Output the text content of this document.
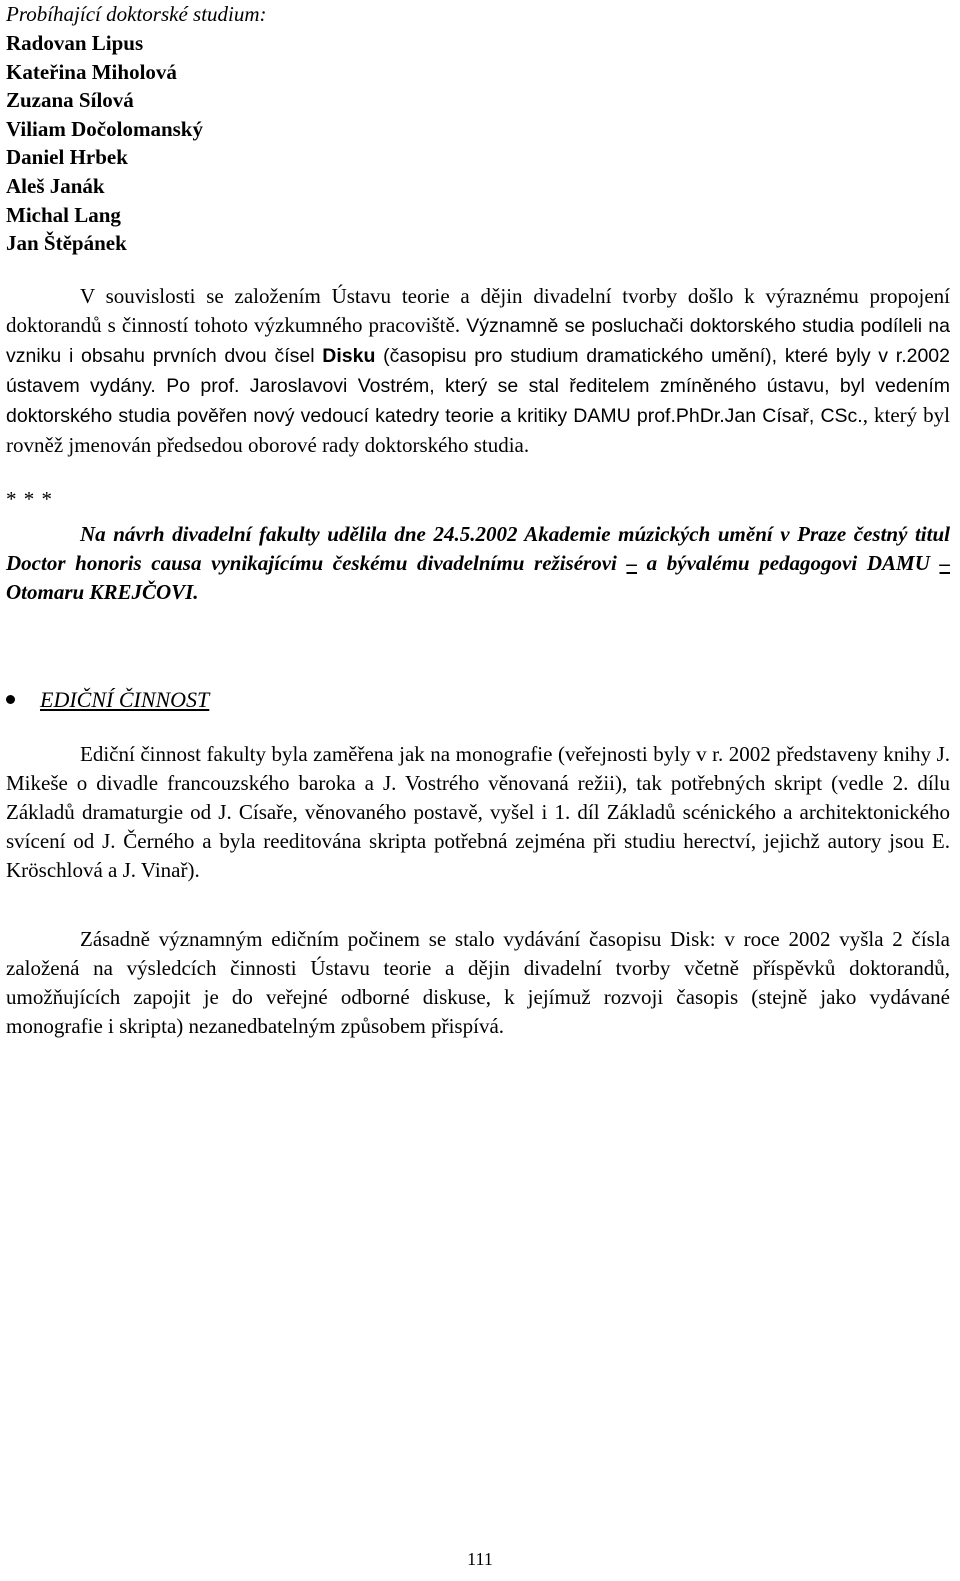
Probíhající doktorské studium:
Radovan Lipus
Kateřina Miholová
Zuzana Sílová
Viliam Dočolomanský
Daniel Hrbek
Aleš Janák
Michal Lang
Jan Štěpánek

V souvislosti se založením Ústavu teorie a dějin divadelní tvorby došlo k výraznému propojení doktorandů s činností tohoto výzkumného pracoviště. Významně se posluchači doktorského studia podíleli na vzniku i obsahu prvních dvou čísel Disku (časopisu pro studium dramatického umění), které byly v r.2002 ústavem vydány. Po prof. Jaroslavovi Vostrém, který se stal ředitelem zmíněného ústavu, byl vedením doktorského studia pověřen nový vedoucí katedry teorie a kritiky DAMU prof.PhDr.Jan Císař, CSc., který byl rovněž jmenován předsedou oborové rady doktorského studia.

* * *

Na návrh divadelní fakulty udělila dne 24.5.2002 Akademie múzických umění v Praze čestný titul Doctor honoris causa vynikajícímu českému divadelnímu režisérovi – a bývalému pedagogovi DAMU – Otomaru KREJČOVI.

EDIČNÍ ČINNOST

Ediční činnost fakulty byla zaměřena jak na monografie (veřejnosti byly v r. 2002 představeny knihy J. Mikeše o divadle francouzského baroka a J. Vostrého věnovaná režii), tak potřebných skript (vedle 2. dílu Základů dramaturgie od J. Císaře, věnovaného postavě, vyšel i 1. díl Základů scénického a architektonického svícení od J. Černého a byla reeditována skripta potřebná zejména při studiu herectví, jejichž autory jsou E. Kröschlová a J. Vinař).

Zásadně významným edičním počinem se stalo vydávání časopisu Disk: v roce 2002 vyšla 2 čísla založená na výsledcích činnosti Ústavu teorie a dějin divadelní tvorby včetně příspěvků doktorandů, umožňujících zapojit je do veřejné odborné diskuse, k jejímuž rozvoji časopis (stejně jako vydávané monografie i skripta) nezanedbatelným způsobem přispívá.

111
